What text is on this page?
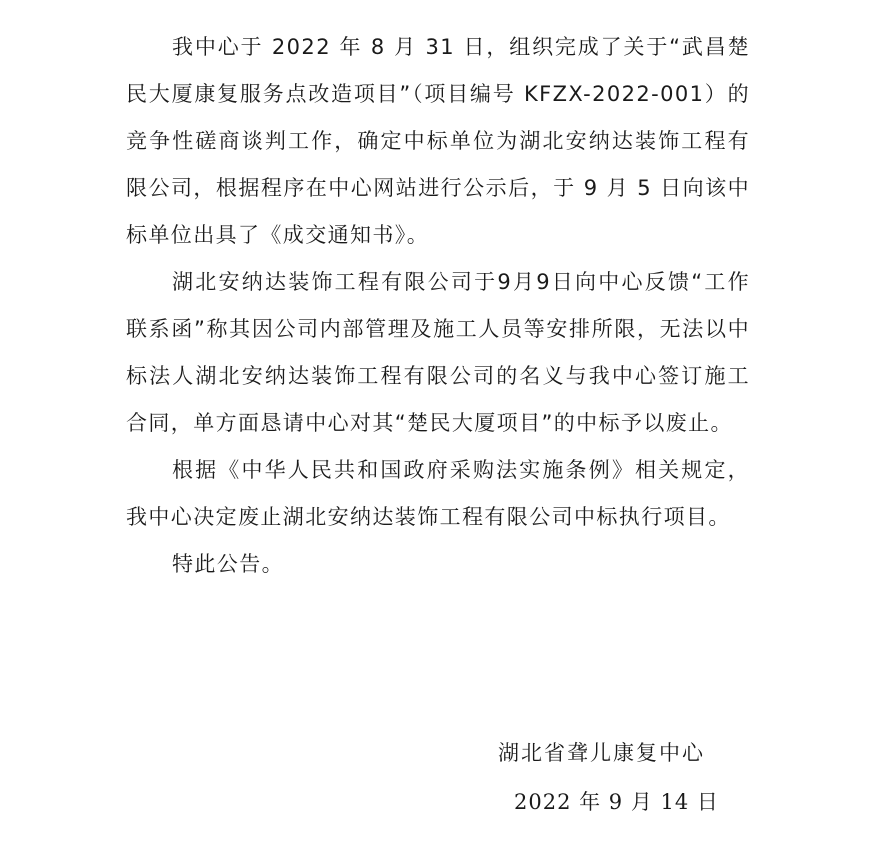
我中心于 2022 年 8 月 31 日，组织完成了关于“武昌楚民大厦康复服务点改造项目”（项目编号 KFZX-2022-001）的竞争性磋商谈判工作，确定中标单位为湖北安纳达装饰工程有限公司，根据程序在中心网站进行公示后，于 9 月 5 日向该中标单位出具了《成交通知书》。

湖北安纳达装饰工程有限公司于9月9日向中心反馈“工作联系函”称其因公司内部管理及施工人员等安排所限，无法以中标法人湖北安纳达装饰工程有限公司的名义与我中心签订施工合同，单方面恳请中心对其“楚民大厦项目”的中标予以废止。

根据《中华人民共和国政府采购法实施条例》相关规定，我中心决定废止湖北安纳达装饰工程有限公司中标执行项目。

特此公告。

湖北省聋儿康复中心
2022 年 9 月 14 日
